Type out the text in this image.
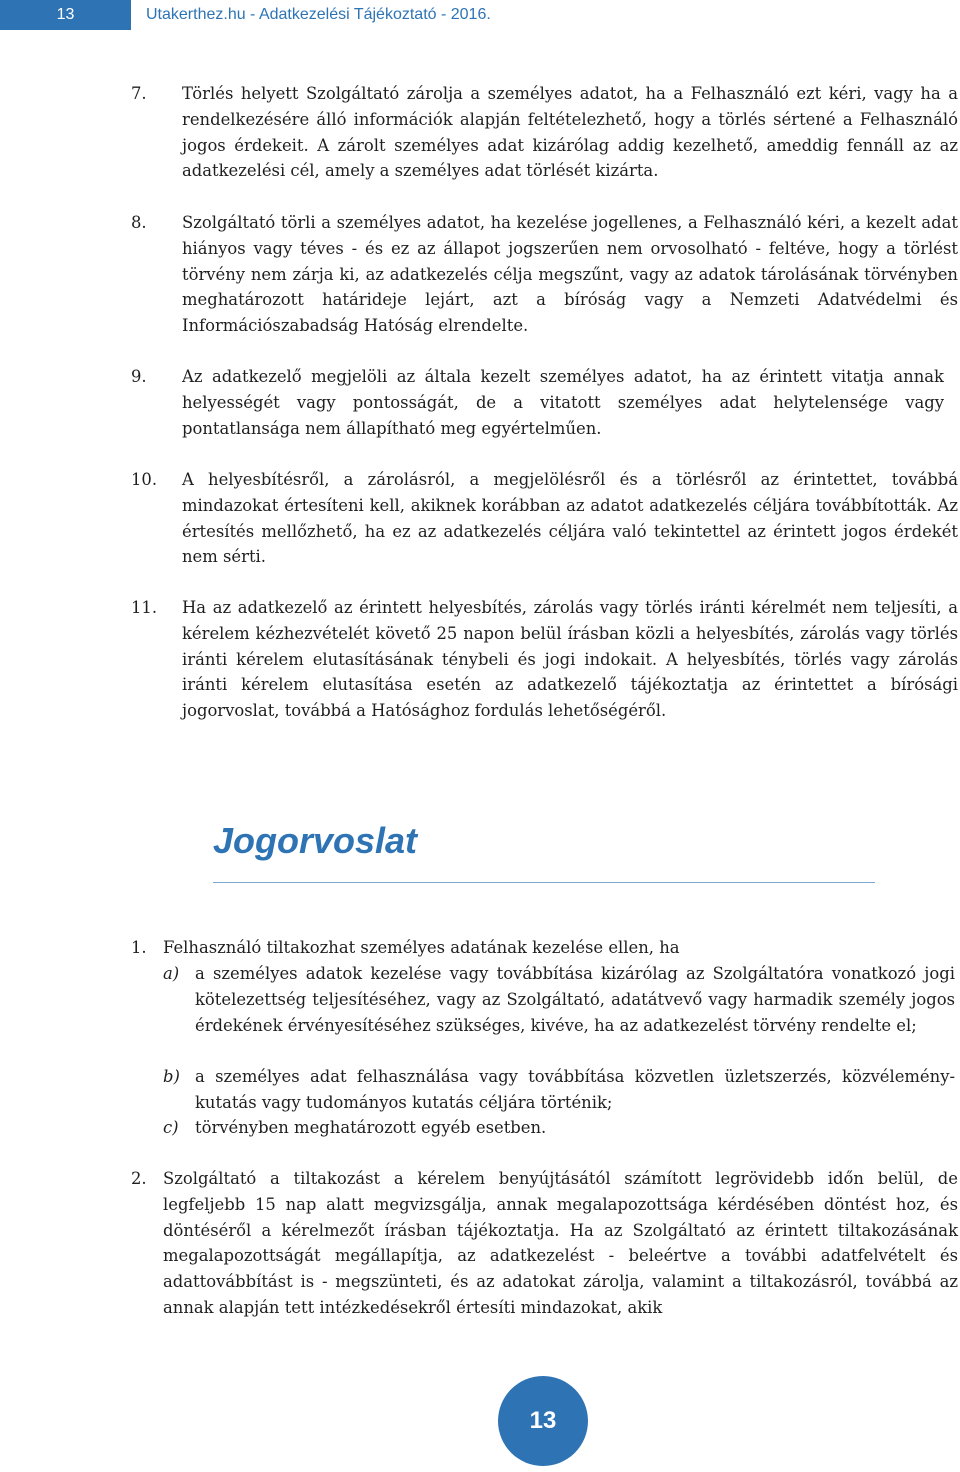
13	Utakerthez.hu - Adatkezelési Tájékoztató - 2016.
7. Törlés helyett Szolgáltató zárolja a személyes adatot, ha a Felhasználó ezt kéri, vagy ha a rendelkezésére álló információk alapján feltételezhető, hogy a törlés sértené a Felhasználó jogos érdekeit. A zárolt személyes adat kizárólag addig kezelhető, ameddig fennáll az az adatkezelési cél, amely a személyes adat törlését kizárta.
8. Szolgáltató törli a személyes adatot, ha kezelése jogellenes, a Felhasználó kéri, a kezelt adat hiányos vagy téves - és ez az állapot jogszerűen nem orvosolható - feltéve, hogy a törlést törvény nem zárja ki, az adatkezelés célja megszűnt, vagy az adatok tárolásának törvényben meghatározott határideje lejárt, azt a bíróság vagy a Nemzeti Adatvédelmi és Információszabadság Hatóság elrendelte.
9. Az adatkezelő megjelöli az általa kezelt személyes adatot, ha az érintett vitatja annak helyességét vagy pontosságát, de a vitatott személyes adat helytelensége vagy pontatlansága nem állapítható meg egyértelműen.
10. A helyesbítésről, a zárolásról, a megjelölésről és a törlésről az érintettet, továbbá mindazokat értesíteni kell, akiknek korábban az adatot adatkezelés céljára továbbították. Az értesítés mellőzhető, ha ez az adatkezelés céljára való tekintettel az érintett jogos érdekét nem sérti.
11. Ha az adatkezelő az érintett helyesbítés, zárolás vagy törlés iránti kérelmét nem teljesíti, a kérelem kézhezvételét követő 25 napon belül írásban közli a helyesbítés, zárolás vagy törlés iránti kérelem elutasításának ténybeli és jogi indokait. A helyesbítés, törlés vagy zárolás iránti kérelem elutasítása esetén az adatkezelő tájékoztatja az érintettet a bírósági jogorvoslat, továbbá a Hatósághoz fordulás lehetőségéről.
Jogorvoslat
1. Felhasználó tiltakozhat személyes adatának kezelése ellen, ha
a) a személyes adatok kezelése vagy továbbítása kizárólag az Szolgáltatóra vonatkozó jogi kötelezettség teljesítéséhez, vagy az Szolgáltató, adatátvevő vagy harmadik személy jogos érdekének érvényesítéséhez szükséges, kivéve, ha az adatkezelést törvény rendelte el;
b) a személyes adat felhasználása vagy továbbítása közvetlen üzletszerzés, közvélemény-kutatás vagy tudományos kutatás céljára történik;
c) törvényben meghatározott egyéb esetben.
2. Szolgáltató a tiltakozást a kérelem benyújtásától számított legrövidebb időn belül, de legfeljebb 15 nap alatt megvizsgálja, annak megalapozottsága kérdésében döntést hoz, és döntéséről a kérelmezőt írásban tájékoztatja. Ha az Szolgáltató az érintett tiltakozásának megalapozottságát megállapítja, az adatkezelést - beleértve a további adatfelvételt és adattovábbítást is - megszünteti, és az adatokat zárolja, valamint a tiltakozásról, továbbá az annak alapján tett intézkedésekről értesíti mindazokat, akik
13
